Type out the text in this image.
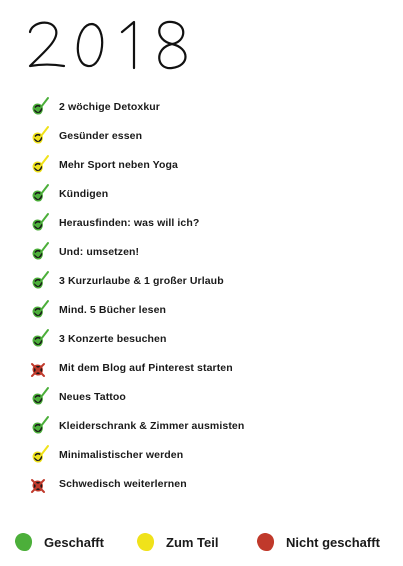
2 wöchige Detoxkur
Gesünder essen
Mehr Sport neben Yoga
Kündigen
Herausfinden: was will ich?
Und: umsetzen!
3 Kurzurlaube & 1 großer Urlaub
Mind. 5 Bücher lesen
3 Konzerte besuchen
Mit dem Blog auf Pinterest starten
Neues Tattoo
Kleiderschrank & Zimmer ausmisten
Minimalistischer werden
Schwedisch weiterlernen
Geschafft	Zum Teil	Nicht geschafft
